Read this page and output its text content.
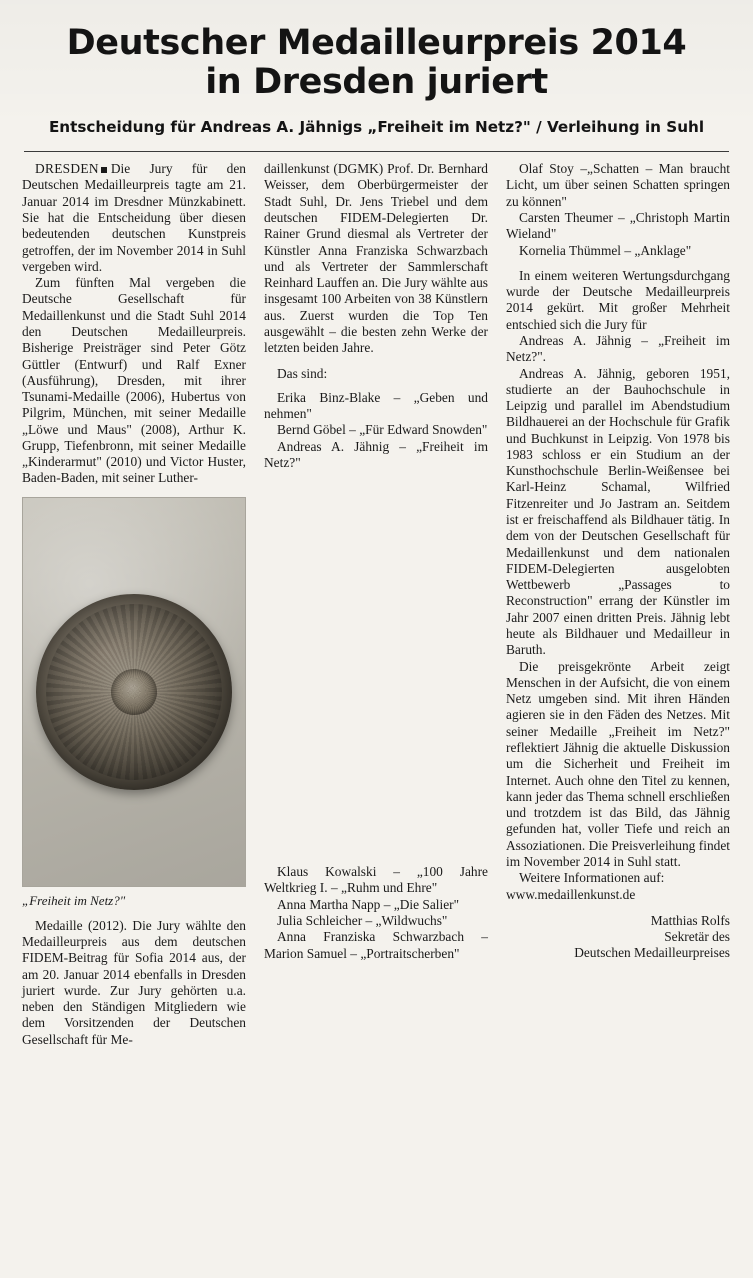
Deutscher Medailleurpreis 2014
in Dresden juriert
Entscheidung für Andreas A. Jähnigs „Freiheit im Netz?" / Verleihung in Suhl

DRESDEN Die Jury für den Deutschen Medailleurpreis tagte am 21. Januar 2014 im Dresdner Münzkabinett. Sie hat die Entscheidung über diesen bedeutenden deutschen Kunstpreis getroffen, der im November 2014 in Suhl vergeben wird.

Zum fünften Mal vergeben die Deutsche Gesellschaft für Medaillenkunst und die Stadt Suhl 2014 den Deutschen Medailleurpreis. Bisherige Preisträger sind Peter Götz Güttler (Entwurf) und Ralf Exner (Ausführung), Dresden, mit ihrer Tsunami-Medaille (2006), Hubertus von Pilgrim, München, mit seiner Medaille „Löwe und Maus" (2008), Arthur K. Grupp, Tiefenbronn, mit seiner Medaille „Kinderarmut" (2010) und Victor Huster, Baden-Baden, mit seiner Luther-

„Freiheit im Netz?"

Medaille (2012). Die Jury wählte den Medailleurpreis aus dem deutschen FIDEM-Beitrag für Sofia 2014 aus, der am 20. Januar 2014 ebenfalls in Dresden juriert wurde. Zur Jury gehörten u.a. neben den Ständigen Mitgliedern wie dem Vorsitzenden der Deutschen Gesellschaft für Me-

daillenkunst (DGMK) Prof. Dr. Bernhard Weisser, dem Oberbürgermeister der Stadt Suhl, Dr. Jens Triebel und dem deutschen FIDEM-Delegierten Dr. Rainer Grund diesmal als Vertreter der Künstler Anna Franziska Schwarzbach und als Vertreter der Sammlerschaft Reinhard Lauffen an. Die Jury wählte aus insgesamt 100 Arbeiten von 38 Künstlern aus. Zuerst wurden die Top Ten ausgewählt – die besten zehn Werke der letzten beiden Jahre.

Das sind:

Erika Binz-Blake – „Geben und nehmen"

Bernd Göbel – „Für Edward Snowden"

Andreas A. Jähnig – „Freiheit im Netz?"

Klaus Kowalski – „100 Jahre Weltkrieg I. – „Ruhm und Ehre"

Anna Martha Napp – „Die Salier"

Julia Schleicher – „Wildwuchs"

Anna Franziska Schwarzbach – Marion Samuel – „Portraitscherben"

Olaf Stoy –„Schatten – Man braucht Licht, um über seinen Schatten springen zu können"

Carsten Theumer – „Christoph Martin Wieland"

Kornelia Thümmel – „Anklage"

In einem weiteren Wertungsdurchgang wurde der Deutsche Medailleurpreis 2014 gekürt. Mit großer Mehrheit entschied sich die Jury für

Andreas A. Jähnig – „Freiheit im Netz?".

Andreas A. Jähnig, geboren 1951, studierte an der Bauhochschule in Leipzig und parallel im Abendstudium Bildhauerei an der Hochschule für Grafik und Buchkunst in Leipzig. Von 1978 bis 1983 schloss er ein Studium an der Kunsthochschule Berlin-Weißensee bei Karl-Heinz Schamal, Wilfried Fitzenreiter und Jo Jastram an. Seitdem ist er freischaffend als Bildhauer tätig. In dem von der Deutschen Gesellschaft für Medaillenkunst und dem nationalen FIDEM-Delegierten ausgelobten Wettbewerb „Passages to Reconstruction" errang der Künstler im Jahr 2007 einen dritten Preis. Jähnig lebt heute als Bildhauer und Medailleur in Baruth.

Die preisgekrönte Arbeit zeigt Menschen in der Aufsicht, die von einem Netz umgeben sind. Mit ihren Händen agieren sie in den Fäden des Netzes. Mit seiner Medaille „Freiheit im Netz?" reflektiert Jähnig die aktuelle Diskussion um die Sicherheit und Freiheit im Internet. Auch ohne den Titel zu kennen, kann jeder das Thema schnell erschließen und trotzdem ist das Bild, das Jähnig gefunden hat, voller Tiefe und reich an Assoziationen. Die Preisverleihung findet im November 2014 in Suhl statt.

Weitere Informationen auf:

www.medaillenkunst.de

Matthias Rolfs
Sekretär des
Deutschen Medailleurpreises
